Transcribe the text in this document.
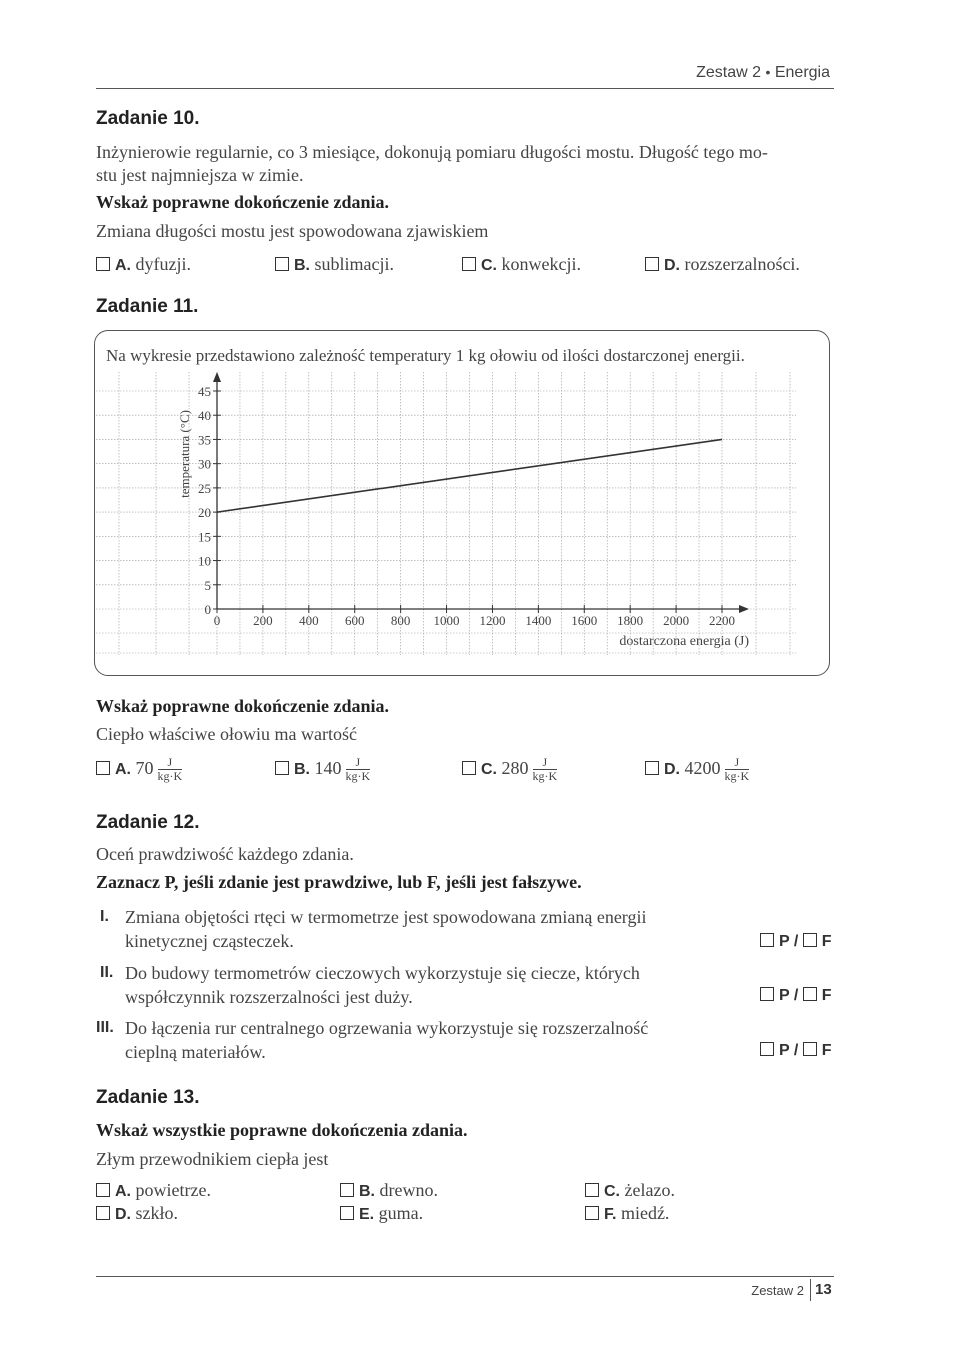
Zestaw 2 • Energia
Zadanie 10.
Inżynierowie regularnie, co 3 miesiące, dokonują pomiaru długości mostu. Długość tego mo-
stu jest najmniejsza w zimie.
Wskaż poprawne dokończenie zdania.
Zmiana długości mostu jest spowodowana zjawiskiem
A. dyfuzji.	B. sublimacji.	C. konwekcji.	D. rozszerzalności.
Zadanie 11.
Na wykresie przedstawiono zależność temperatury 1 kg ołowiu od ilości dostarczonej energii.
0
5
10
15
20
25
30
35
40
45
0	200 400 600 800 1000 1200 1400 1600 1800 2000 2200
temperatura (°C)
dostarczona energia (J)
Wskaż poprawne dokończenie zdania.
Ciepło właściwe ołowiu ma wartość
A. $70 \frac{J}{kg\cdot K}$	B. $140 \frac{J}{kg\cdot K}$	C. $280 \frac{J}{kg\cdot K}$	D. $4200 \frac{J}{kg\cdot K}$
Zadanie 12.
Oceń prawdziwość każdego zdania.
Zaznacz P, jeśli zdanie jest prawdziwe, lub F, jeśli jest fałszywe.
I. Zmiana objętości rtęci w termometrze jest spowodowana zmianą energii
kinetycznej cząsteczek.	P / F
II. Do budowy termometrów cieczowych wykorzystuje się ciecze, których
współczynnik rozszerzalności jest duży.	P / F
III. Do łączenia rur centralnego ogrzewania wykorzystuje się rozszerzalność
cieplną materiałów.	P / F
Zadanie 13.
Wskaż wszystkie poprawne dokończenia zdania.
Złym przewodnikiem ciepła jest
A. powietrze.	B. drewno.	C. żelazo.
D. szkło.	E. guma.	F. miedź.
Zestaw 2 13
